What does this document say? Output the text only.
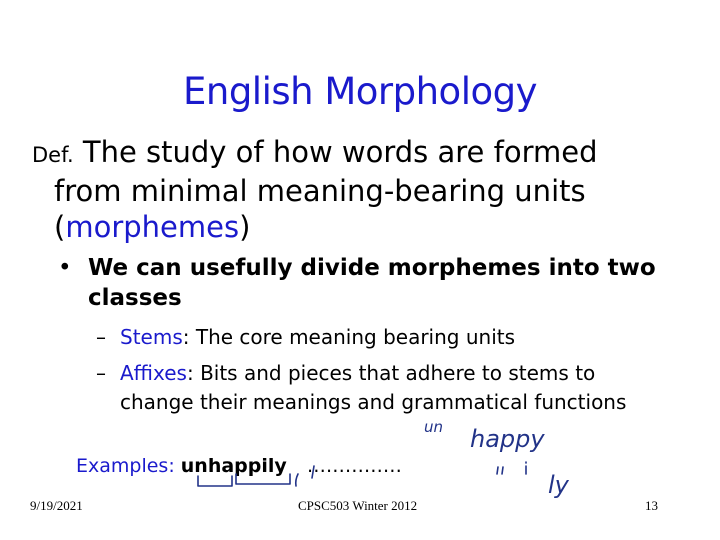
English Morphology
Def. The study of how words are formed
from minimal meaning-bearing units
(morphemes)
• We can usefully divide morphemes into two classes
– Stems: The core meaning bearing units
– Affixes: Bits and pieces that adhere to stems to change their meanings and grammatical functions
Examples: unhappily ……………
un happy
ly
9/19/2021	CPSC503 Winter 2012	13
